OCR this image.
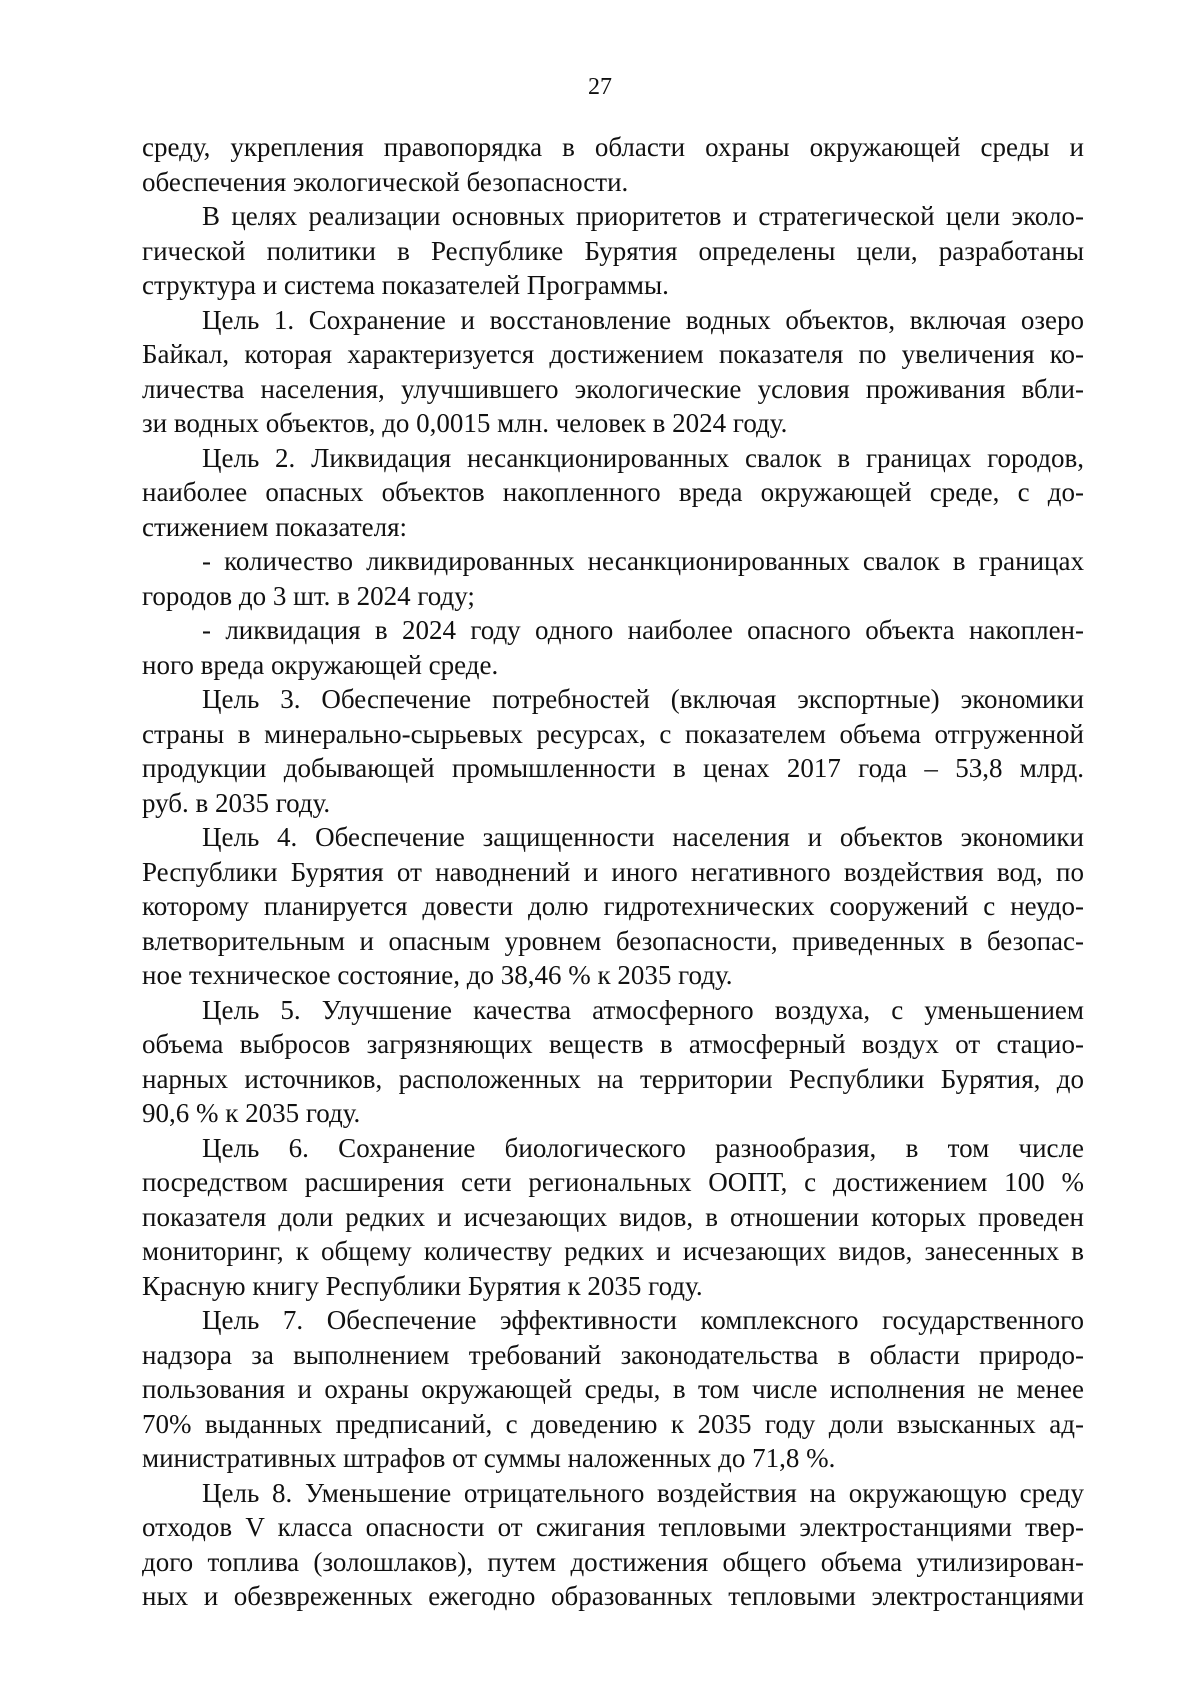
27
среду, укрепления правопорядка в области охраны окружающей среды и
обеспечения экологической безопасности.
В целях реализации основных приоритетов и стратегической цели эколо-
гической политики в Республике Бурятия определены цели, разработаны
структура и система показателей Программы.
Цель 1. Сохранение и восстановление водных объектов, включая озеро
Байкал, которая характеризуется достижением показателя по увеличения ко-
личества населения, улучшившего экологические условия проживания вбли-
зи водных объектов, до 0,0015 млн. человек в 2024 году.
Цель 2. Ликвидация несанкционированных свалок в границах городов,
наиболее опасных объектов накопленного вреда окружающей среде, с до-
стижением показателя:
- количество ликвидированных несанкционированных свалок в границах
городов до 3 шт. в 2024 году;
- ликвидация в 2024 году одного наиболее опасного объекта накоплен-
ного вреда окружающей среде.
Цель 3. Обеспечение потребностей (включая экспортные) экономики
страны в минерально-сырьевых ресурсах, с показателем объема отгруженной
продукции добывающей промышленности в ценах 2017 года – 53,8 млрд.
руб. в 2035 году.
Цель 4. Обеспечение защищенности населения и объектов экономики
Республики Бурятия от наводнений и иного негативного воздействия вод, по
которому планируется довести долю гидротехнических сооружений с неудо-
влетворительным и опасным уровнем безопасности, приведенных в безопас-
ное техническое состояние, до 38,46 % к 2035 году.
Цель 5. Улучшение качества атмосферного воздуха, с уменьшением
объема выбросов загрязняющих веществ в атмосферный воздух от стацио-
нарных источников, расположенных на территории Республики Бурятия, до
90,6 % к 2035 году.
Цель 6. Сохранение биологического разнообразия, в том числе
посредством расширения сети региональных ООПТ, с достижением 100 %
показателя доли редких и исчезающих видов, в отношении которых проведен
мониторинг, к общему количеству редких и исчезающих видов, занесенных в
Красную книгу Республики Бурятия к 2035 году.
Цель 7. Обеспечение эффективности комплексного государственного
надзора за выполнением требований законодательства в области природо-
пользования и охраны окружающей среды, в том числе исполнения не менее
70% выданных предписаний, с доведению к 2035 году доли взысканных ад-
министративных штрафов от суммы наложенных до 71,8 %.
Цель 8. Уменьшение отрицательного воздействия на окружающую среду
отходов V класса опасности от сжигания тепловыми электростанциями твер-
дого топлива (золошлаков), путем достижения общего объема утилизирован-
ных и обезвреженных ежегодно образованных тепловыми электростанциями
